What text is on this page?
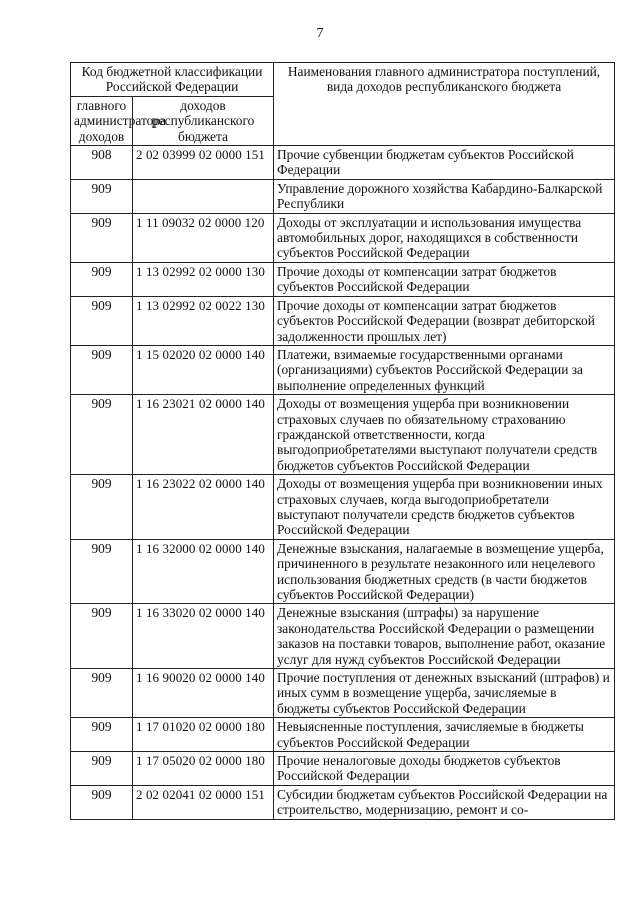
7
Код бюджетной классификации Российской Федерации		Наименования главного администратора поступлений, вида доходов республиканского бюджета
главного администратора доходов	доходов республиканского бюджета	
908	2 02 03999 02 0000 151	Прочие субвенции бюджетам субъектов Российской Федерации
909		Управление дорожного хозяйства Кабардино-Балкарской Республики
909	1 11 09032 02 0000 120	Доходы от эксплуатации и использования имущества автомобильных дорог, находящихся в собственности субъектов Российской Федерации
909	1 13 02992 02 0000 130	Прочие доходы от компенсации затрат бюджетов субъектов Российской Федерации
909	1 13 02992 02 0022 130	Прочие доходы от компенсации затрат бюджетов субъектов Российской Федерации (возврат дебиторской задолженности прошлых лет)
909	1 15 02020 02 0000 140	Платежи, взимаемые государственными органами (организациями) субъектов Российской Федерации за выполнение определенных функций
909	1 16 23021 02 0000 140	Доходы от возмещения ущерба при возникновении страховых случаев по обязательному страхованию гражданской ответственности, когда выгодоприобретателями выступают получатели средств бюджетов субъектов Российской Федерации
909	1 16 23022 02 0000 140	Доходы от возмещения ущерба при возникновении иных страховых случаев, когда выгодоприобретатели выступают получатели средств бюджетов субъектов Российской Федерации
909	1 16 32000 02 0000 140	Денежные взыскания, налагаемые в возмещение ущерба, причиненного в результате незаконного или нецелевого использования бюджетных средств (в части бюджетов субъектов Российской Федерации)
909	1 16 33020 02 0000 140	Денежные взыскания (штрафы) за нарушение законодательства Российской Федерации о размещении заказов на поставки товаров, выполнение работ, оказание услуг для нужд субъектов Российской Федерации
909	1 16 90020 02 0000 140	Прочие поступления от денежных взысканий (штрафов) и иных сумм в возмещение ущерба, зачисляемые в бюджеты субъектов Российской Федерации
909	1 17 01020 02 0000 180	Невыясненные поступления, зачисляемые в бюджеты субъектов Российской Федерации
909	1 17 05020 02 0000 180	Прочие неналоговые доходы бюджетов субъектов Российской Федерации
909	2 02 02041 02 0000 151	Субсидии бюджетам субъектов Российской Федерации на строительство, модернизацию, ремонт и со-
